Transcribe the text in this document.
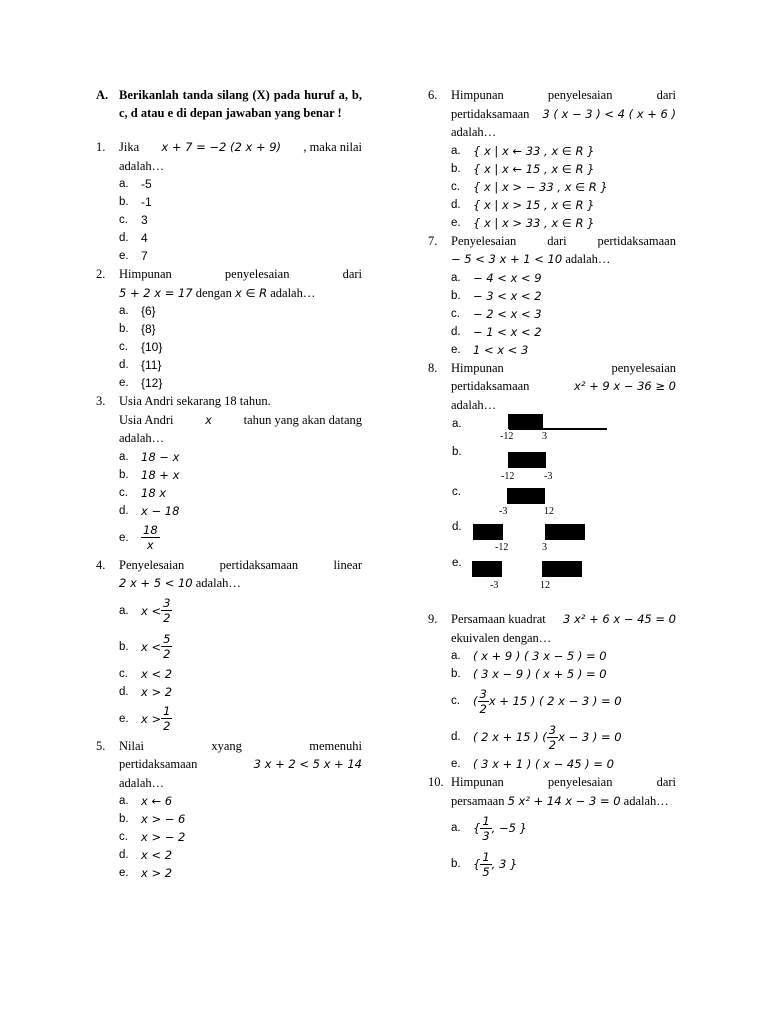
A. Berikanlah tanda silang (X) pada huruf a, b, c, d atau e di depan jawaban yang benar !
1.	Jika x + 7 = −2 (2 x + 9) , maka nilai
adalah…
a.	-5
b.	-1
c.	3
d.	4
e.	7
2.	Himpunan	penyelesaian	dari
5 + 2 x = 17 dengan x ∈ R adalah…
a.	{6}
b.	{8}
c.	{10}
d.	{11}
e.	{12}
3.	Usia Andri sekarang 18 tahun.
Usia Andri	x	tahun yang akan datang
adalah…
a.	18 − x
b.	18 + x
c.	18 x
d.	x − 18
e.	$\frac{18}{x}$
4.	Penyelesaian pertidaksamaan linear
2 x + 5 < 10 adalah…
a.	$x < \frac{3}{2}$
b.	$x < \frac{5}{2}$
c.	x < 2
d.	x > 2
e.	$x > \frac{1}{2}$
5.	Nilai	xyang	memenuhi
pertidaksamaan	3 x + 2 < 5 x + 14
adalah…
a.	x ← 6
b.	x > − 6
c.	x > − 2
d.	x < 2
e.	x > 2
6.	Himpunan	penyelesaian	dari
pertidaksamaan 3 ( x − 3 ) < 4 ( x + 6 )
adalah…
a.	{ x | x ← 33 , x ∈ R }
b.	{ x | x ← 15 , x ∈ R }
c.	{ x | x > − 33 , x ∈ R }
d.	{ x | x > 15 , x ∈ R }
e.	{ x | x > 33 , x ∈ R }
7.	Penyelesaian dari pertidaksamaan
− 5 < 3 x + 1 < 10 adalah…
a.	− 4 < x < 9
b.	− 3 < x < 2
c.	− 2 < x < 3
d.	− 1 < x < 2
e.	1 < x < 3
8.	Himpunan	penyelesaian
pertidaksamaan	x² + 9 x − 36 ≥ 0
adalah…
a.
b.
c.
d.
e.
-12	3
-12	-3
-3	12
-12	3
-3	12
9.	Persamaan kuadrat 3 x² + 6 x − 45 = 0
ekuivalen dengan…
a.	( x + 9 ) ( 3 x − 5 ) = 0
b.	( 3 x − 9 ) ( x + 5 ) = 0
c.	( $\frac{3}{2}$ x + 15 ) ( 2 x − 3 ) = 0
d.	( 2 x + 15 ) ( $\frac{3}{2}$ x − 3 ) = 0
e.	( 3 x + 1 ) ( x − 45 ) = 0
10. Himpunan	penyelesaian	dari
persamaan 5 x² + 14 x − 3 = 0 adalah…
a.	{ $\frac{1}{3}$ , −5 }
b.	{ $\frac{1}{5}$ , 3 }
